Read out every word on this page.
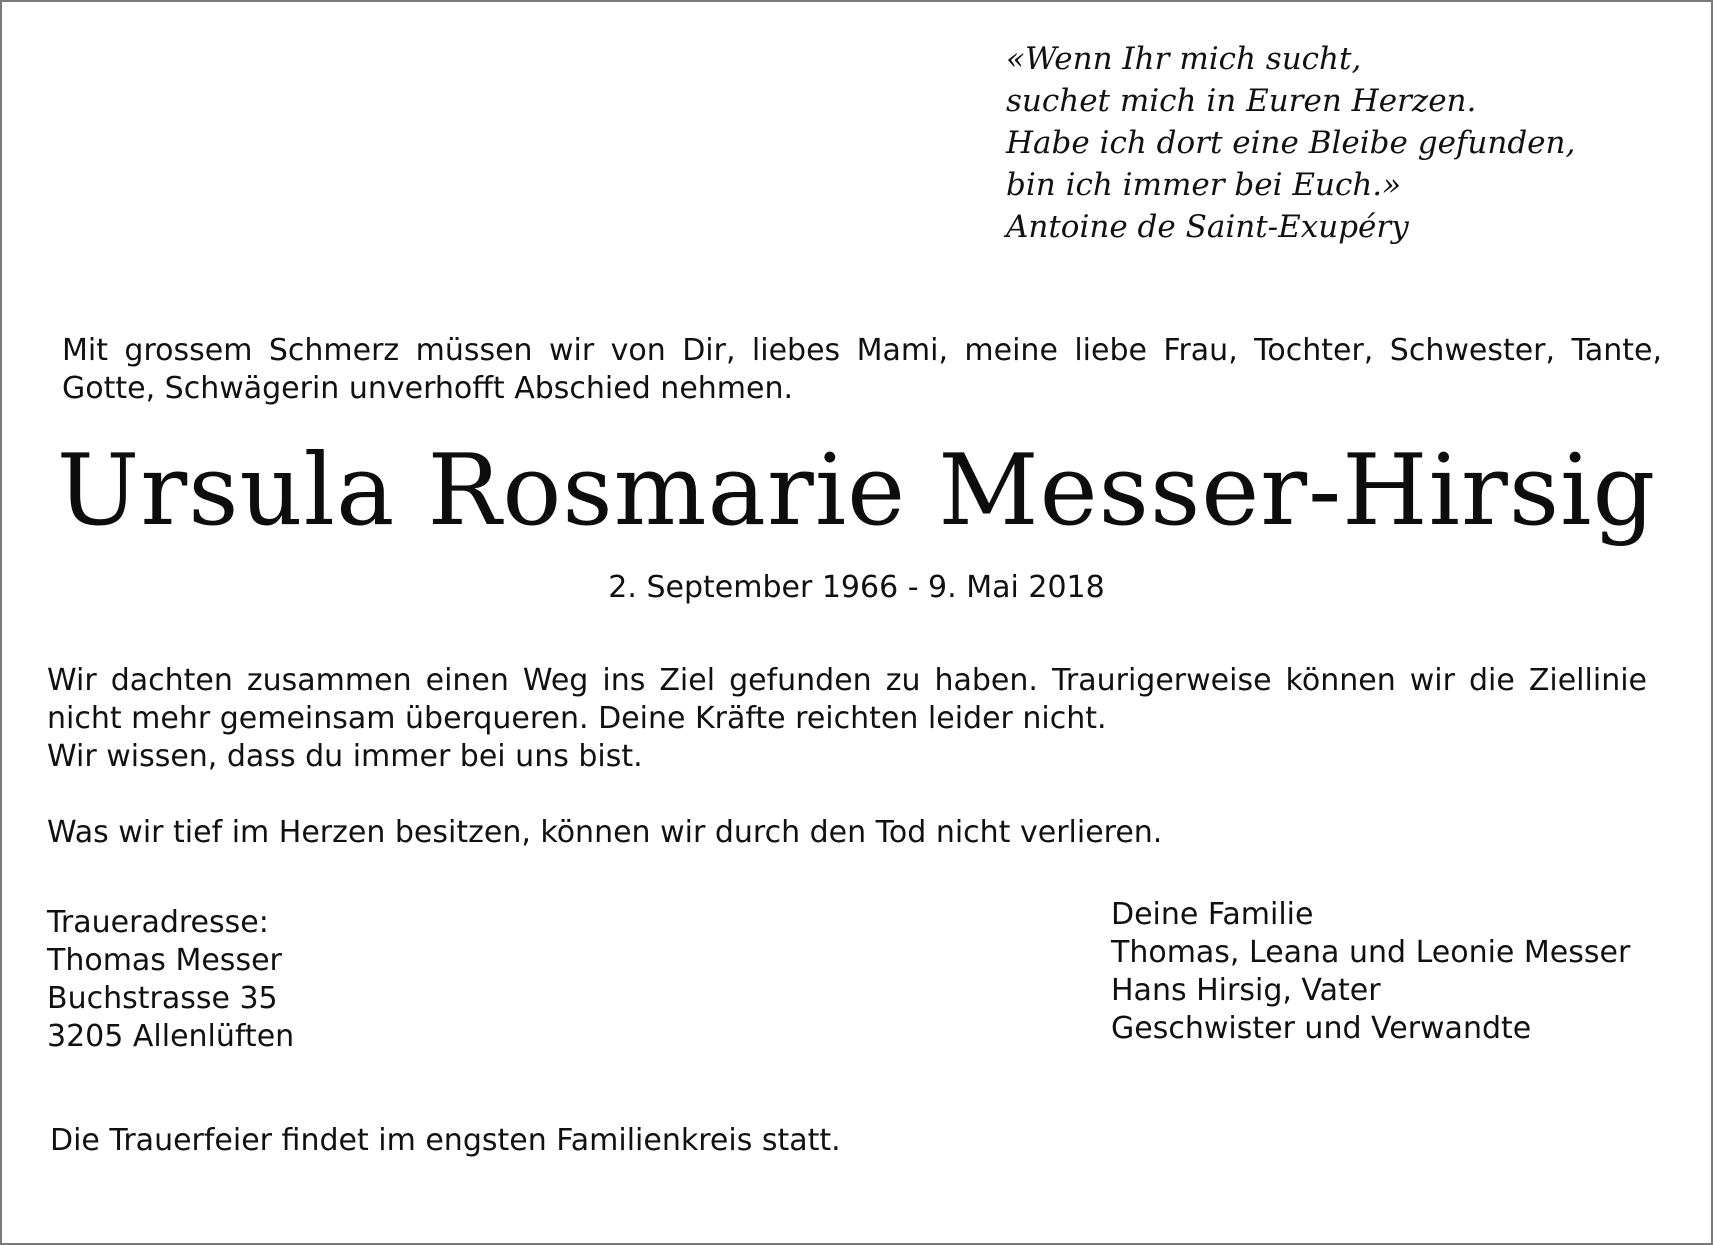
«Wenn Ihr mich sucht,
suchet mich in Euren Herzen.
Habe ich dort eine Bleibe gefunden,
bin ich immer bei Euch.»
Antoine de Saint-Exupéry
Mit grossem Schmerz müssen wir von Dir, liebes Mami, meine liebe Frau, Tochter, Schwester, Tante, Gotte, Schwägerin unverhofft Abschied nehmen.
Ursula Rosmarie Messer-Hirsig
2. September 1966 - 9. Mai 2018
Wir dachten zusammen einen Weg ins Ziel gefunden zu haben. Traurigerweise können wir die Ziellinie nicht mehr gemeinsam überqueren. Deine Kräfte reichten leider nicht.
Wir wissen, dass du immer bei uns bist.
Was wir tief im Herzen besitzen, können wir durch den Tod nicht verlieren.
Traueradresse:
Thomas Messer
Buchstrasse 35
3205 Allenlüften
Deine Familie
Thomas, Leana und Leonie Messer
Hans Hirsig, Vater
Geschwister und Verwandte
Die Trauerfeier findet im engsten Familienkreis statt.
